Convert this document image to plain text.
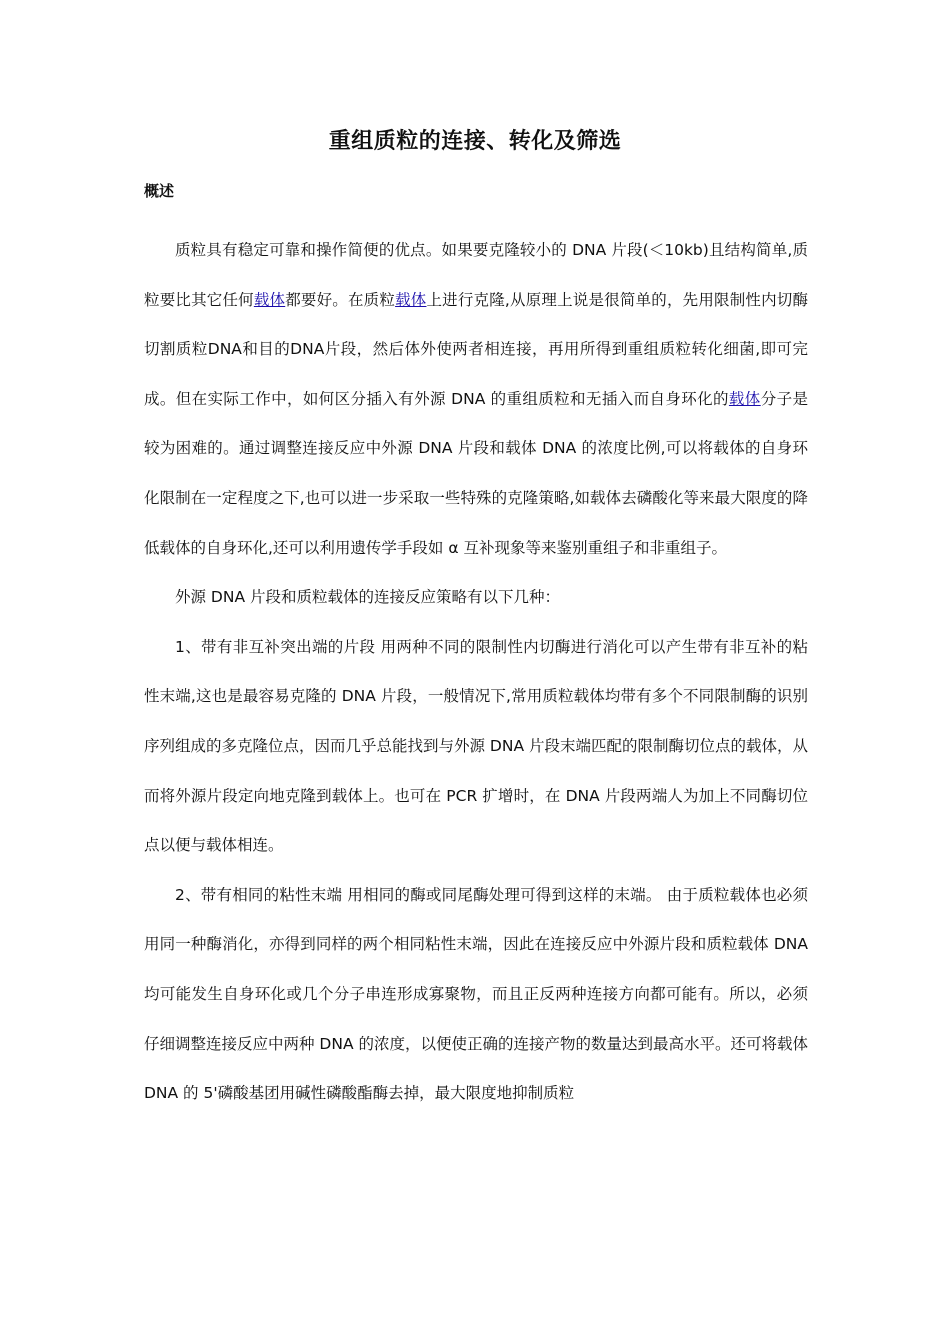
重组质粒的连接、转化及筛选
概述

质粒具有稳定可靠和操作简便的优点。如果要克隆较小的 DNA 片段(＜10kb)且结构简单,质粒要比其它任何载体都要好。在质粒载体上进行克隆,从原理上说是很简单的，先用限制性内切酶切割质粒DNA和目的DNA片段，然后体外使两者相连接，再用所得到重组质粒转化细菌,即可完成。但在实际工作中，如何区分插入有外源 DNA 的重组质粒和无插入而自身环化的载体分子是较为困难的。通过调整连接反应中外源 DNA 片段和载体 DNA 的浓度比例,可以将载体的自身环化限制在一定程度之下,也可以进一步采取一些特殊的克隆策略,如载体去磷酸化等来最大限度的降低载体的自身环化,还可以利用遗传学手段如 α 互补现象等来鉴别重组子和非重组子。

外源 DNA 片段和质粒载体的连接反应策略有以下几种：

1、带有非互补突出端的片段 用两种不同的限制性内切酶进行消化可以产生带有非互补的粘性末端,这也是最容易克隆的 DNA 片段，一般情况下,常用质粒载体均带有多个不同限制酶的识别序列组成的多克隆位点，因而几乎总能找到与外源 DNA 片段末端匹配的限制酶切位点的载体，从而将外源片段定向地克隆到载体上。也可在 PCR 扩增时，在 DNA 片段两端人为加上不同酶切位点以便与载体相连。

2、带有相同的粘性末端 用相同的酶或同尾酶处理可得到这样的末端。 由于质粒载体也必须用同一种酶消化，亦得到同样的两个相同粘性末端，因此在连接反应中外源片段和质粒载体 DNA 均可能发生自身环化或几个分子串连形成寡聚物，而且正反两种连接方向都可能有。所以，必须仔细调整连接反应中两种 DNA 的浓度，以便使正确的连接产物的数量达到最高水平。还可将载体 DNA 的 5'磷酸基团用碱性磷酸酯酶去掉，最大限度地抑制质粒
